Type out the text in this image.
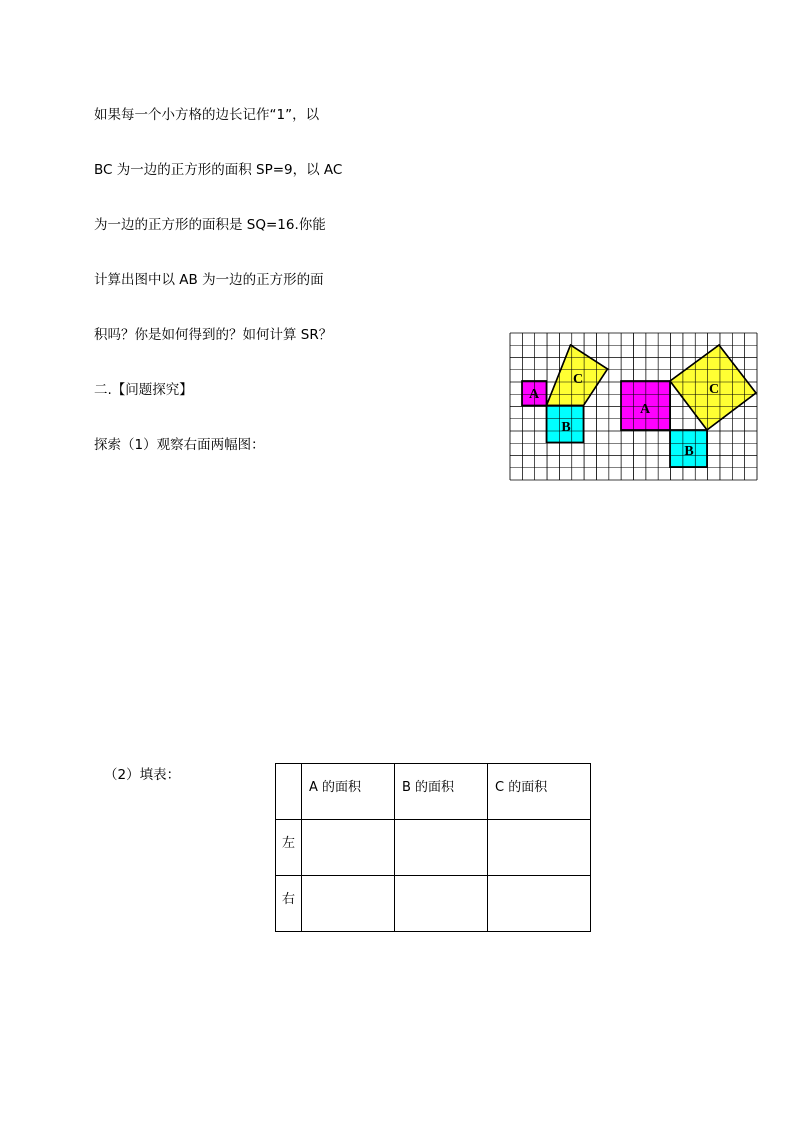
如果每一个小方格的边长记作“1”，以
BC 为一边的正方形的面积 SP=9，以 AC
为一边的正方形的面积是 SQ=16.你能
计算出图中以 AB 为一边的正方形的面
积吗？你是如何得到的？如何计算 SR？
二.【问题探究】
探索（1）观察右面两幅图：
A
B
C
A
B
C
（2）填表：
	A 的面积	B 的面积	C 的面积
左			
右			
